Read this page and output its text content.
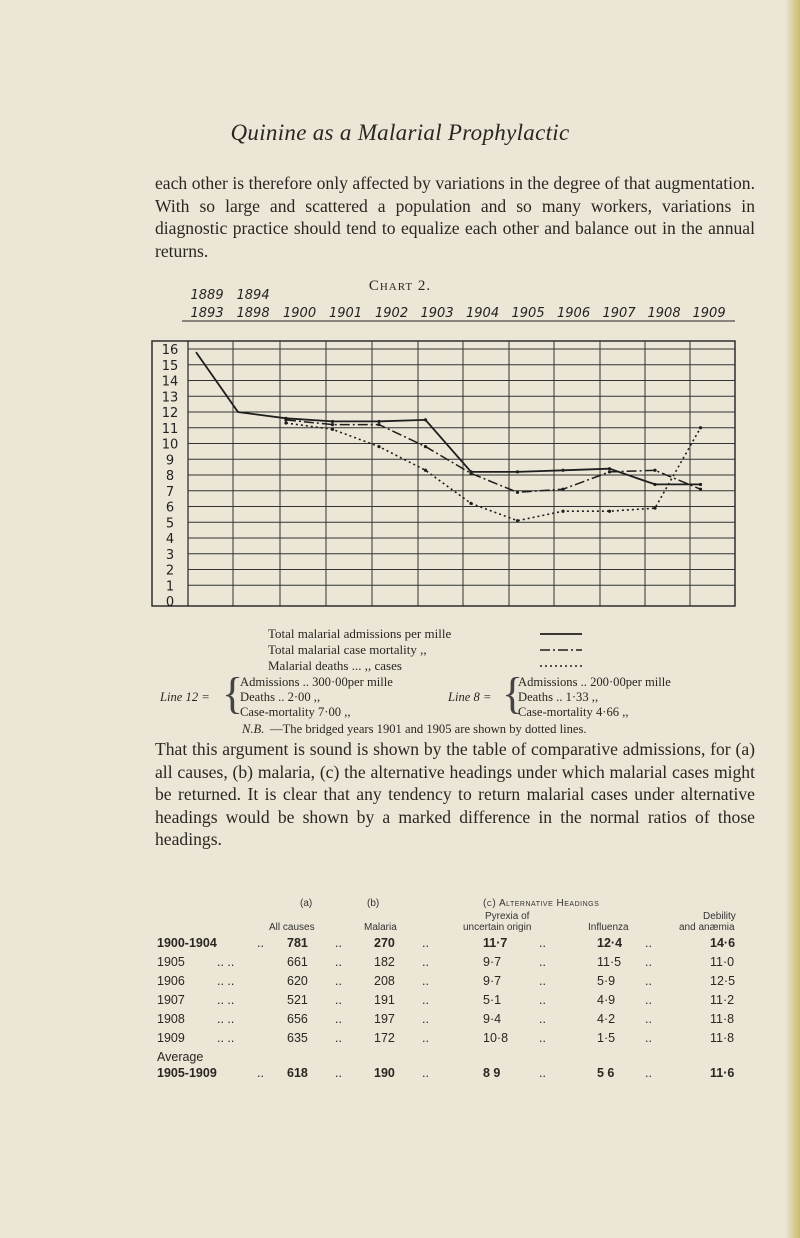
Quinine as a Malarial Prophylactic
each other is therefore only affected by variations in the degree of that augmentation. With so large and scattered a population and so many workers, variations in diagnostic practice should tend to equalize each other and balance out in the annual returns.
Chart 2.
16
15
14
13
12
11
10
9
8
7
6
5
4
3
2
1
0
1889 1894
1893 1898 1900 1901 1902 1903 1904 1905 1906 1907 1908 1909
Total malarial admissions per mille
Total malarial case mortality ,,
Malarial deaths ... ,, cases
Line 12 = {
Admissions .. 300·00per mille
Deaths .. 2·00 ,,
Case-mortality 7·00 ,,
Line 8 = {
Admissions .. 200·00per mille
Deaths .. 1·33 ,,
Case-mortality 4·66 ,,
N.B. —The bridged years 1901 and 1905 are shown by dotted lines.
That this argument is sound is shown by the table of comparative admissions, for (a) all causes, (b) malaria, (c) the alternative headings under which malarial cases might be returned. It is clear that any tendency to return malarial cases under alternative headings would be shown by a marked difference in the normal ratios of those headings.
(a)	(b)	(c) Alternative Headings
Pyrexia of	Debility
All causes	Malaria	uncertain origin	Influenza	and anæmia
1900-1904	.. 781 ..	270 ..	11·7	..	12·4 ..	14·6
1905	.. ..	661 ..	182 ..	9·7	..	11·5 ..	11·0
1906	.. ..	620 ..	208 ..	9·7	..	5·9 ..	12·5
1907	.. ..	521 ..	191 ..	5·1	..	4·9 ..	11·2
1908	.. ..	656 ..	197 ..	9·4	..	4·2 ..	11·8
1909	.. ..	635 ..	172 ..	10·8 ..	1·5 ..	11·8
Average
1905-1909	.. 618 ..	190 ..	8 9	..	5 6 ..	11·6
